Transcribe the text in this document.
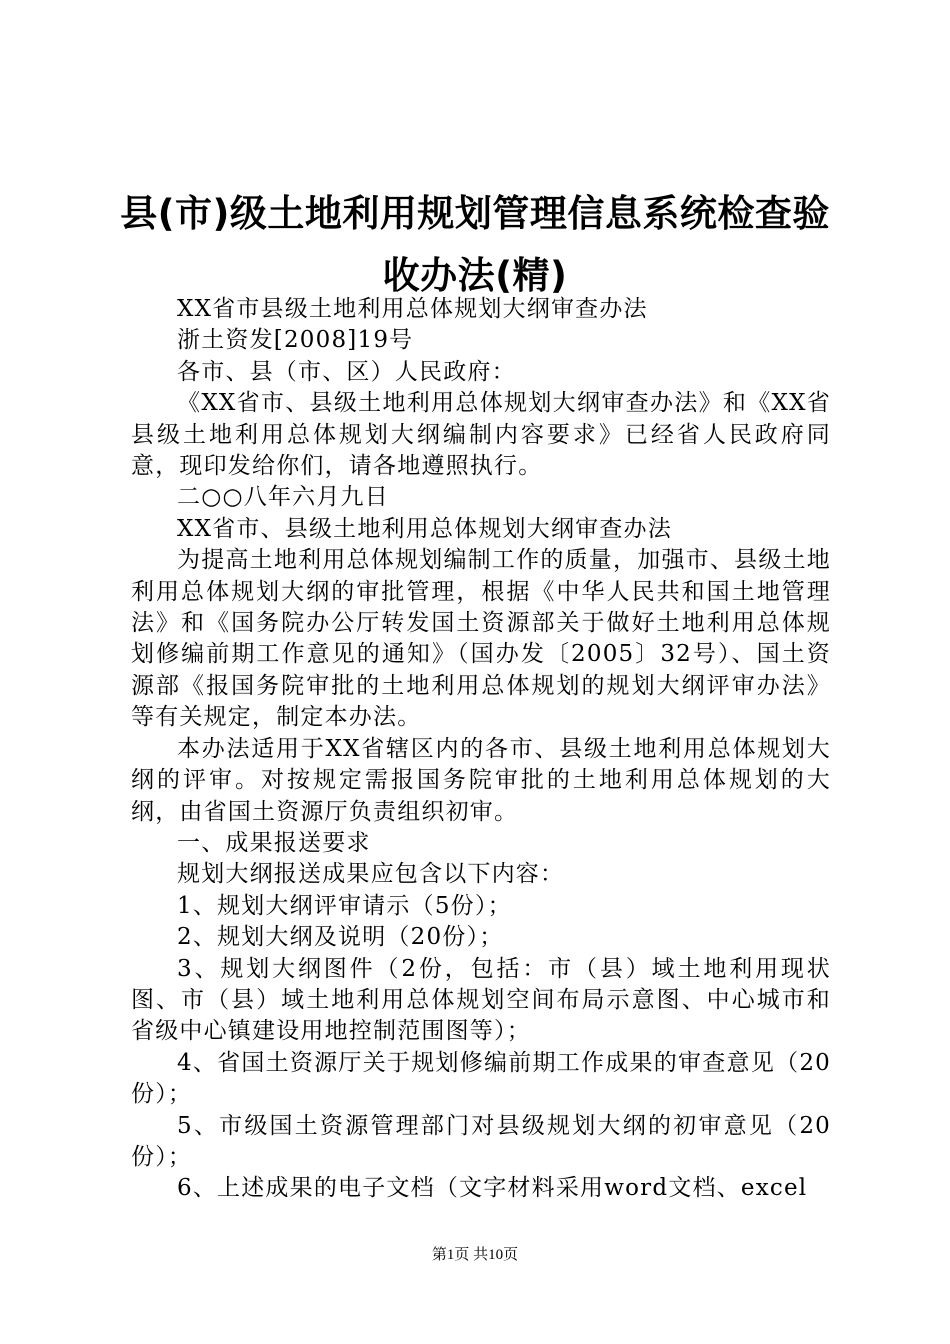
县(市)级土地利用规划管理信息系统检查验收办法(精)

XX省市县级土地利用总体规划大纲审查办法

浙土资发[2008]19号

各市、县（市、区）人民政府：

《XX省市、县级土地利用总体规划大纲审查办法》和《XX省县级土地利用总体规划大纲编制内容要求》已经省人民政府同意，现印发给你们，请各地遵照执行。

二○○八年六月九日

XX省市、县级土地利用总体规划大纲审查办法

为提高土地利用总体规划编制工作的质量，加强市、县级土地利用总体规划大纲的审批管理，根据《中华人民共和国土地管理法》和《国务院办公厅转发国土资源部关于做好土地利用总体规划修编前期工作意见的通知》（国办发〔2005〕32号）、国土资源部《报国务院审批的土地利用总体规划的规划大纲评审办法》等有关规定，制定本办法。

本办法适用于XX省辖区内的各市、县级土地利用总体规划大纲的评审。对按规定需报国务院审批的土地利用总体规划的大纲，由省国土资源厅负责组织初审。

一、成果报送要求

规划大纲报送成果应包含以下内容：

1、规划大纲评审请示（5份）；

2、规划大纲及说明（20份）；

3、规划大纲图件（2份，包括：市（县）域土地利用现状图、市（县）域土地利用总体规划空间布局示意图、中心城市和省级中心镇建设用地控制范围图等）；

4、省国土资源厅关于规划修编前期工作成果的审查意见（20份）；

5、市级国土资源管理部门对县级规划大纲的初审意见（20份）；

6、上述成果的电子文档（文字材料采用word文档、excel

第1页 共10页
